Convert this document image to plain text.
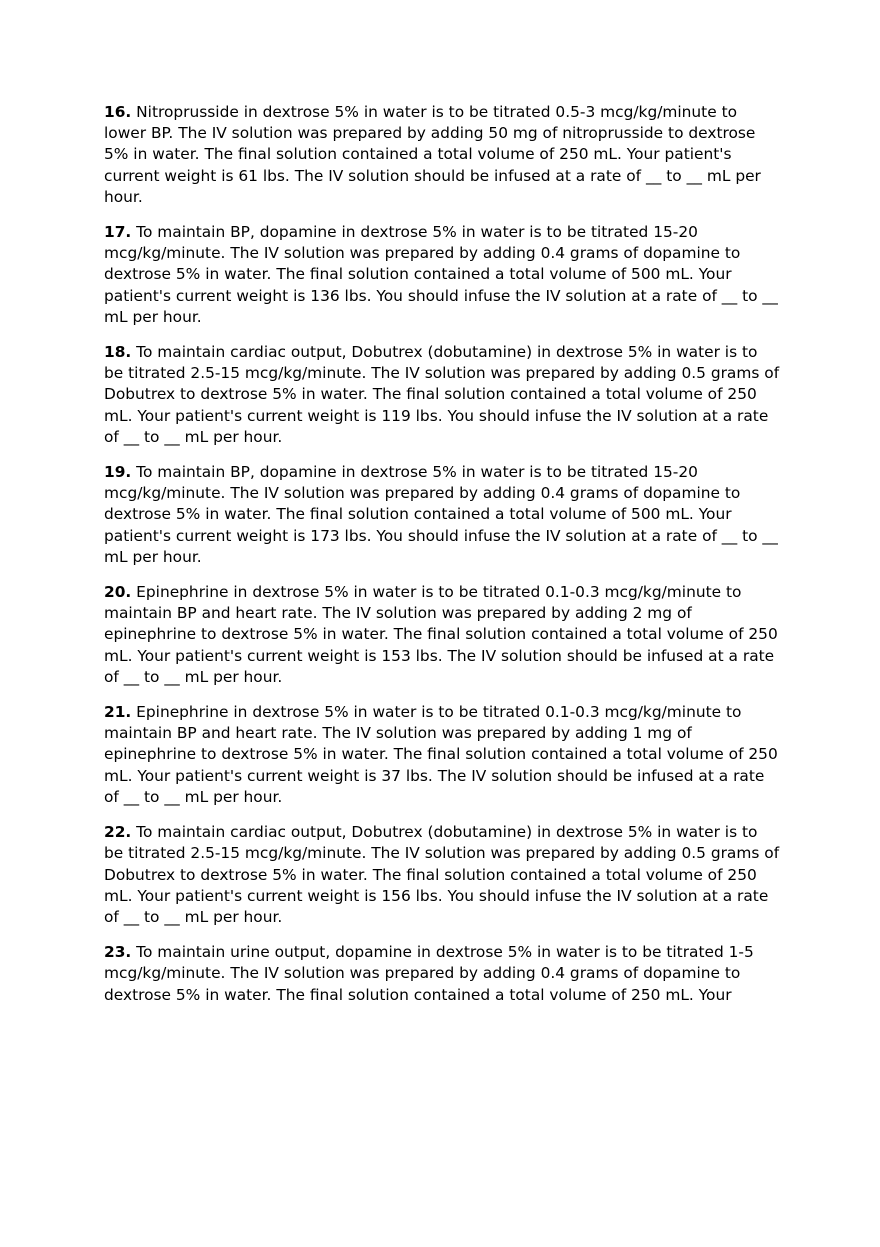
16. Nitroprusside in dextrose 5% in water is to be titrated 0.5-3 mcg/kg/minute to lower BP. The IV solution was prepared by adding 50 mg of nitroprusside to dextrose 5% in water. The final solution contained a total volume of 250 mL. Your patient's current weight is 61 lbs. The IV solution should be infused at a rate of __ to __ mL per hour.

17. To maintain BP, dopamine in dextrose 5% in water is to be titrated 15-20 mcg/kg/minute. The IV solution was prepared by adding 0.4 grams of dopamine to dextrose 5% in water. The final solution contained a total volume of 500 mL. Your patient's current weight is 136 lbs. You should infuse the IV solution at a rate of __ to __ mL per hour.

18. To maintain cardiac output, Dobutrex (dobutamine) in dextrose 5% in water is to be titrated 2.5-15 mcg/kg/minute. The IV solution was prepared by adding 0.5 grams of Dobutrex to dextrose 5% in water. The final solution contained a total volume of 250 mL. Your patient's current weight is 119 lbs. You should infuse the IV solution at a rate of __ to __ mL per hour.

19. To maintain BP, dopamine in dextrose 5% in water is to be titrated 15-20 mcg/kg/minute. The IV solution was prepared by adding 0.4 grams of dopamine to dextrose 5% in water. The final solution contained a total volume of 500 mL. Your patient's current weight is 173 lbs. You should infuse the IV solution at a rate of __ to __ mL per hour.

20. Epinephrine in dextrose 5% in water is to be titrated 0.1-0.3 mcg/kg/minute to maintain BP and heart rate. The IV solution was prepared by adding 2 mg of epinephrine to dextrose 5% in water. The final solution contained a total volume of 250 mL. Your patient's current weight is 153 lbs. The IV solution should be infused at a rate of __ to __ mL per hour.

21. Epinephrine in dextrose 5% in water is to be titrated 0.1-0.3 mcg/kg/minute to maintain BP and heart rate. The IV solution was prepared by adding 1 mg of epinephrine to dextrose 5% in water. The final solution contained a total volume of 250 mL. Your patient's current weight is 37 lbs. The IV solution should be infused at a rate of __ to __ mL per hour.

22. To maintain cardiac output, Dobutrex (dobutamine) in dextrose 5% in water is to be titrated 2.5-15 mcg/kg/minute. The IV solution was prepared by adding 0.5 grams of Dobutrex to dextrose 5% in water. The final solution contained a total volume of 250 mL. Your patient's current weight is 156 lbs. You should infuse the IV solution at a rate of __ to __ mL per hour.

23. To maintain urine output, dopamine in dextrose 5% in water is to be titrated 1-5 mcg/kg/minute. The IV solution was prepared by adding 0.4 grams of dopamine to dextrose 5% in water. The final solution contained a total volume of 250 mL. Your
